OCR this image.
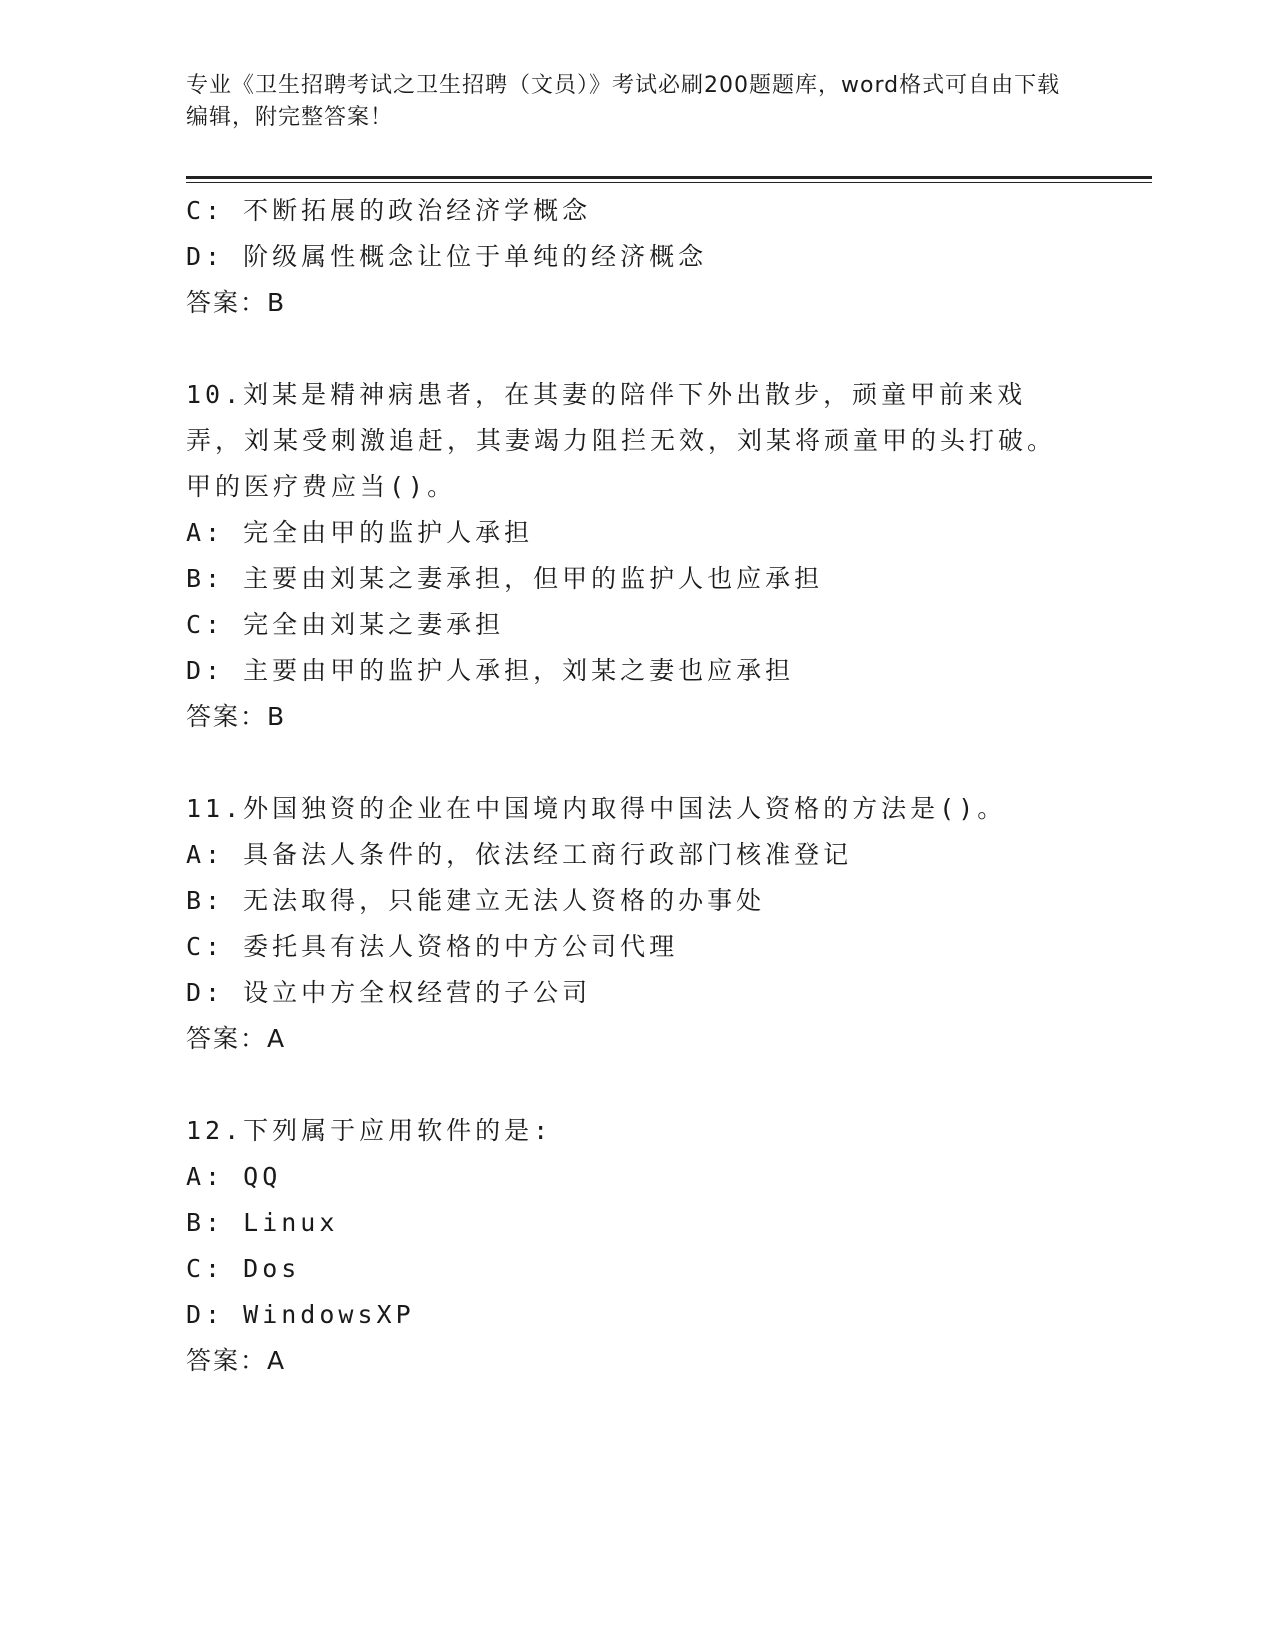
专业《卫生招聘考试之卫生招聘（文员）》考试必刷200题题库，word格式可自由下载编辑，附完整答案！
C: 不断拓展的政治经济学概念
D: 阶级属性概念让位于单纯的经济概念
答案：B
10.刘某是精神病患者，在其妻的陪伴下外出散步，顽童甲前来戏弄，刘某受刺激追赶，其妻竭力阻拦无效，刘某将顽童甲的头打破。甲的医疗费应当()。
A: 完全由甲的监护人承担
B: 主要由刘某之妻承担，但甲的监护人也应承担
C: 完全由刘某之妻承担
D: 主要由甲的监护人承担，刘某之妻也应承担
答案：B
11.外国独资的企业在中国境内取得中国法人资格的方法是()。
A: 具备法人条件的，依法经工商行政部门核准登记
B: 无法取得，只能建立无法人资格的办事处
C: 委托具有法人资格的中方公司代理
D: 设立中方全权经营的子公司
答案：A
12.下列属于应用软件的是:
A: QQ
B: Linux
C: Dos
D: WindowsXP
答案：A
